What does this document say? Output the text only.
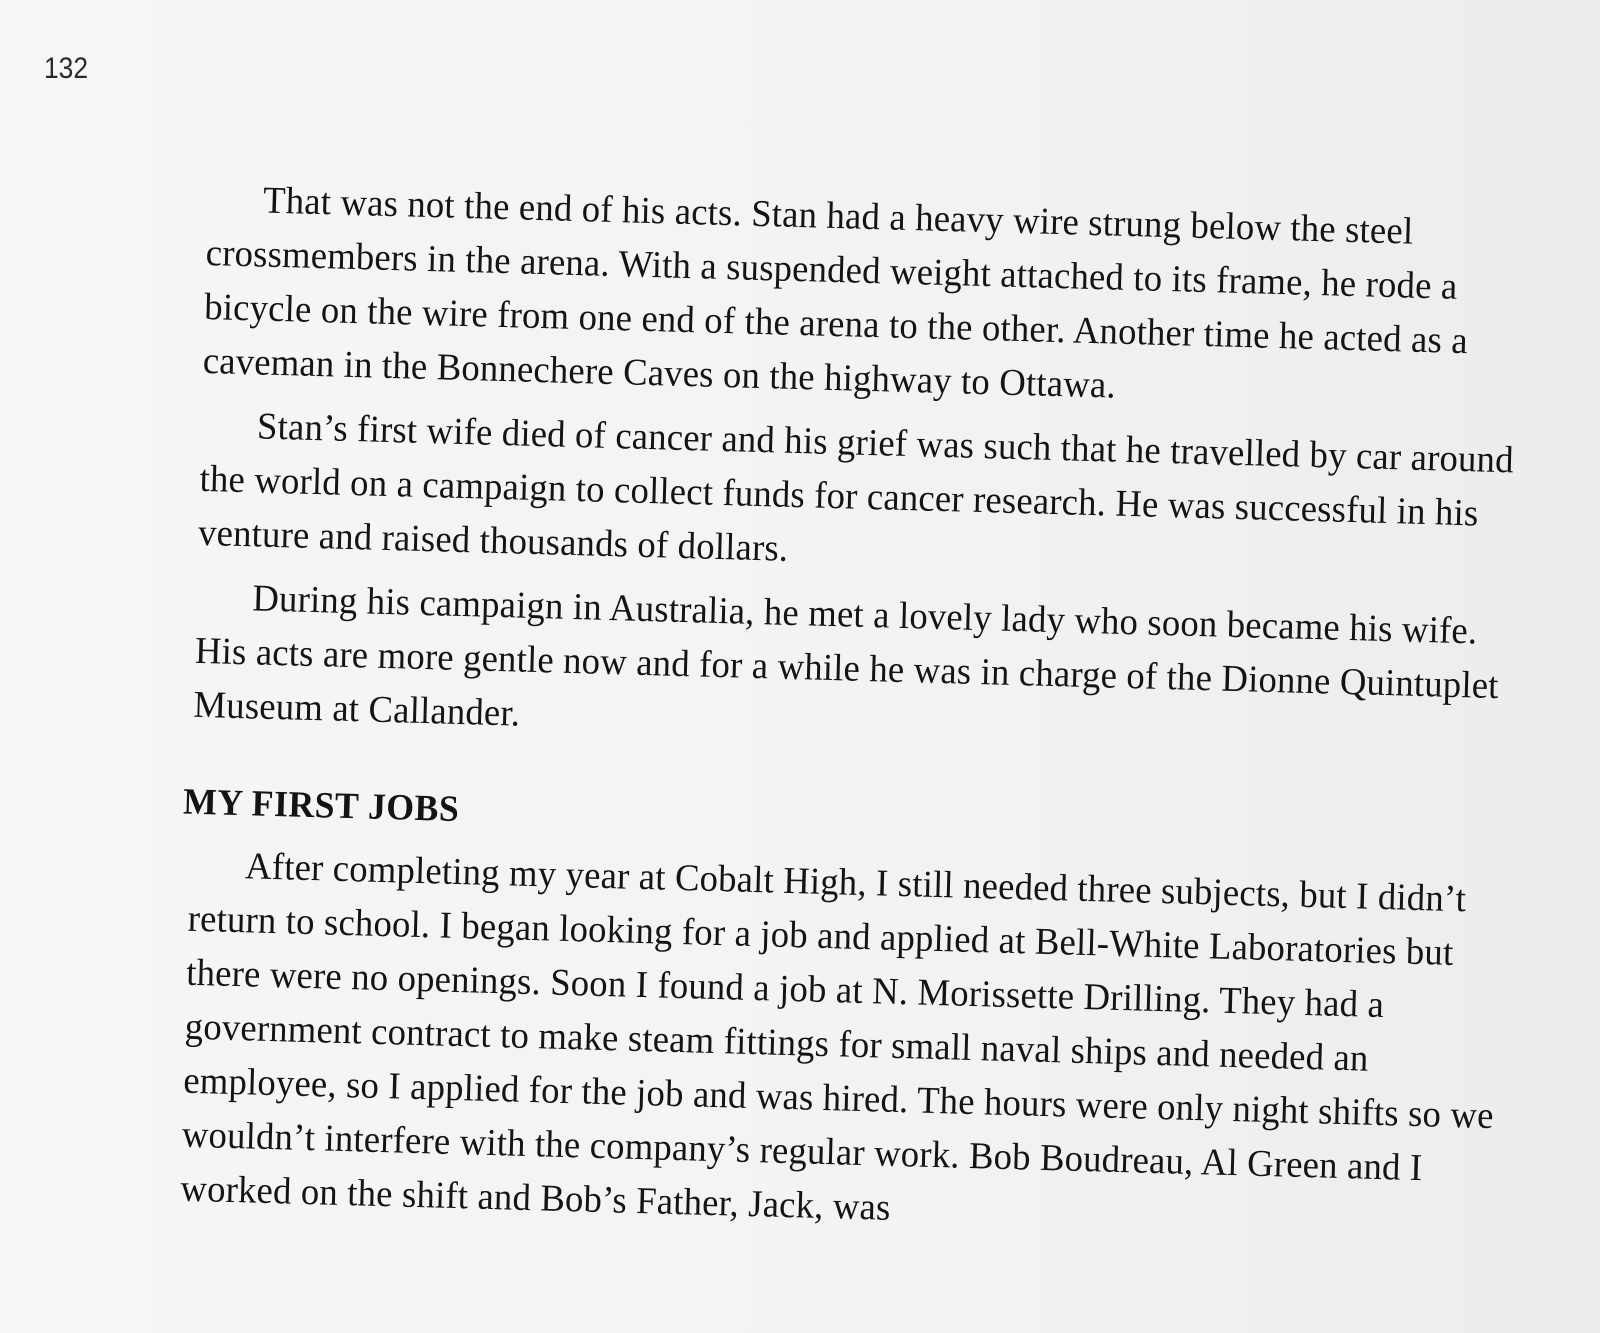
132

That was not the end of his acts. Stan had a heavy wire strung below the steel crossmembers in the arena. With a suspended weight attached to its frame, he rode a bicycle on the wire from one end of the arena to the other. Another time he acted as a caveman in the Bonnechere Caves on the highway to Ottawa.

Stan’s first wife died of cancer and his grief was such that he travelled by car around the world on a campaign to collect funds for cancer research. He was successful in his venture and raised thousands of dollars.

During his campaign in Australia, he met a lovely lady who soon became his wife. His acts are more gentle now and for a while he was in charge of the Dionne Quintuplet Museum at Callander.

MY FIRST JOBS

After completing my year at Cobalt High, I still needed three subjects, but I didn’t return to school. I began looking for a job and applied at Bell-White Laboratories but there were no openings. Soon I found a job at N. Morissette Drilling. They had a government contract to make steam fittings for small naval ships and needed an employee, so I applied for the job and was hired. The hours were only night shifts so we wouldn’t interfere with the company’s regular work. Bob Boudreau, Al Green and I worked on the shift and Bob’s Father, Jack, was
